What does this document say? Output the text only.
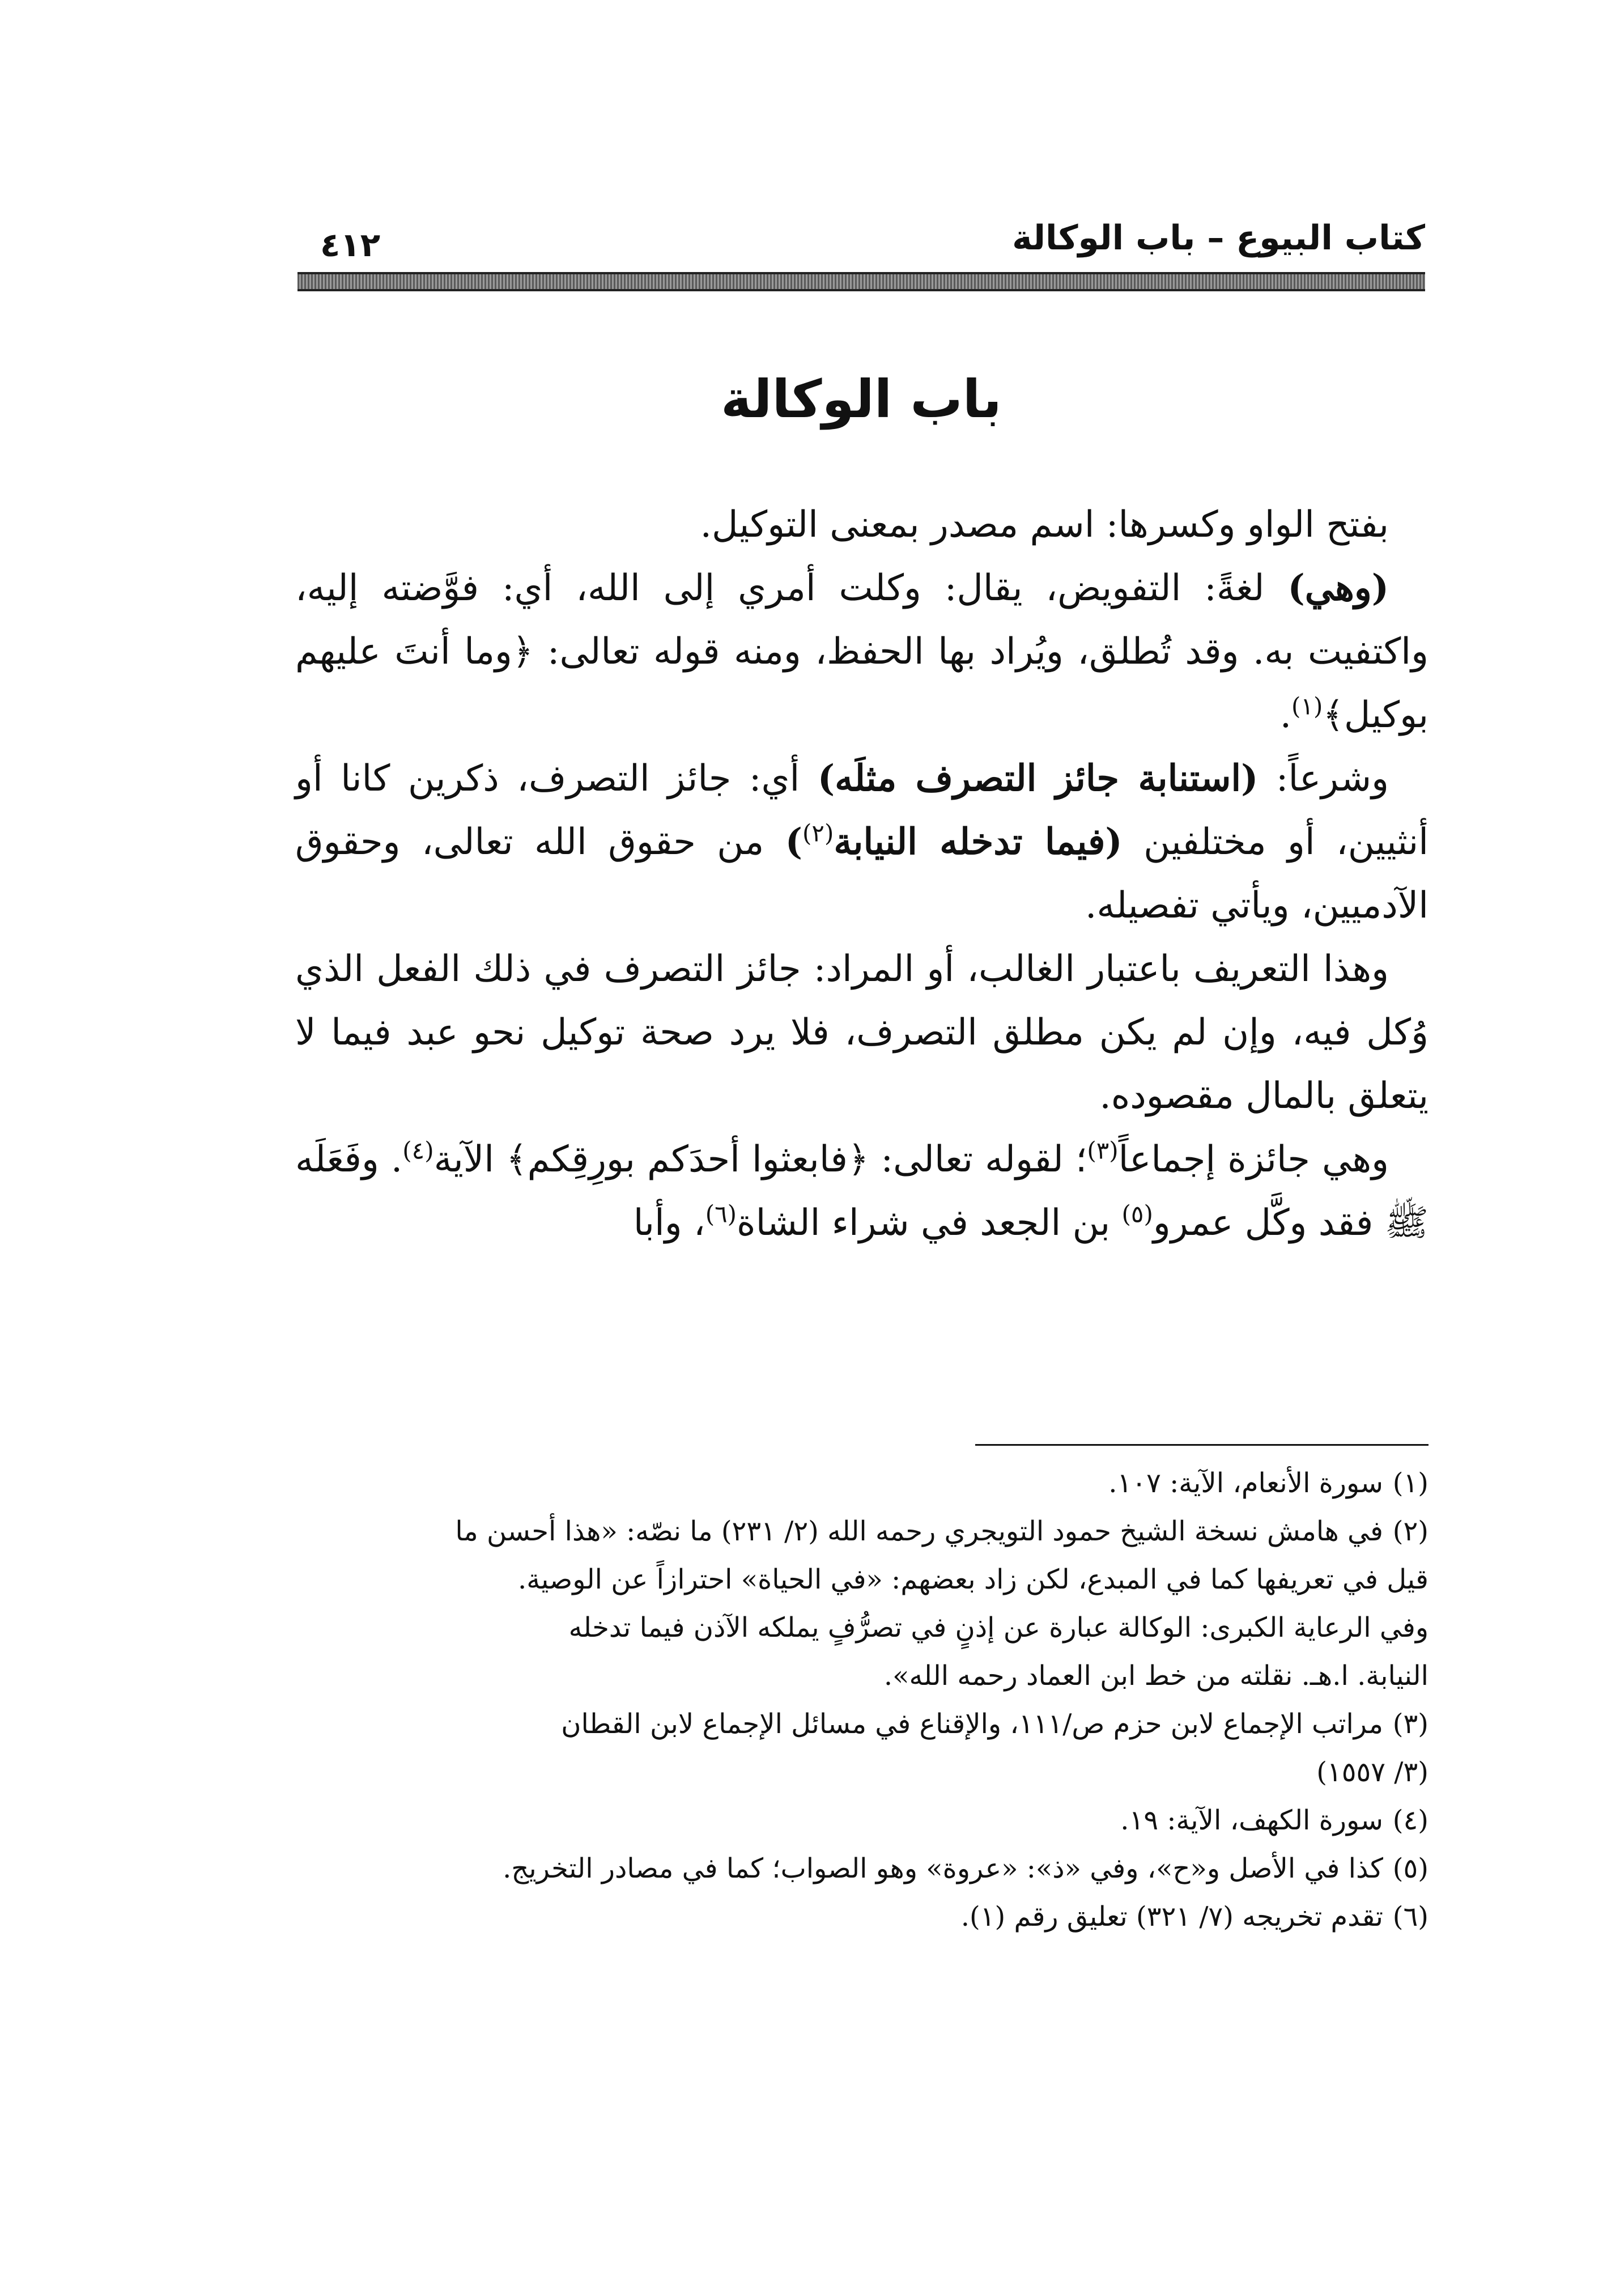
كتاب البيوع – باب الوكالة
٤١٢
باب الوكالة

بفتح الواو وكسرها: اسم مصدر بمعنى التوكيل.

(وهي) لغةً: التفويض، يقال: وكلت أمري إلى الله، أي: فوَّضته إليه، واكتفيت به. وقد تُطلق، ويُراد بها الحفظ، ومنه قوله تعالى: ﴿وما أنتَ عليهم بوكيل﴾$^{(١)}$.

وشرعاً: (استنابة جائز التصرف مثلَه) أي: جائز التصرف، ذكرين كانا أو أنثيين، أو مختلفين (فيما تدخله النيابة$^{(٢)}$) من حقوق الله تعالى، وحقوق الآدميين، ويأتي تفصيله.

وهذا التعريف باعتبار الغالب، أو المراد: جائز التصرف في ذلك الفعل الذي وُكل فيه، وإن لم يكن مطلق التصرف، فلا يرد صحة توكيل نحو عبد فيما لا يتعلق بالمال مقصوده.

وهي جائزة إجماعاً$^{(٣)}$؛ لقوله تعالى: ﴿فابعثوا أحدَكم بورِقِكم﴾ الآية$^{(٤)}$. وفَعَلَه ﷺ فقد وكَّل عمرو$^{(٥)}$ بن الجعد في شراء الشاة$^{(٦)}$، وأبا

(١)سورة الأنعام، الآية: ١٠٧.

(٢)في هامش نسخة الشيخ حمود التويجري رحمه الله (٢/ ٢٣١) ما نصّه: «هذا أحسن ما
قيل في تعريفها كما في المبدع، لكن زاد بعضهم: «في الحياة» احترازاً عن الوصية.
وفي الرعاية الكبرى: الوكالة عبارة عن إذنٍ في تصرُّفٍ يملكه الآذن فيما تدخله
النيابة. ا.هـ. نقلته من خط ابن العماد رحمه الله».

(٣)مراتب الإجماع لابن حزم ص/١١١، والإقناع في مسائل الإجماع لابن القطان
(٣/ ١٥٥٧)

(٤)سورة الكهف، الآية: ١٩.

(٥)كذا في الأصل و«ح»، وفي «ذ»: «عروة» وهو الصواب؛ كما في مصادر التخريج.

(٦)تقدم تخريجه (٧/ ٣٢١) تعليق رقم (١).
